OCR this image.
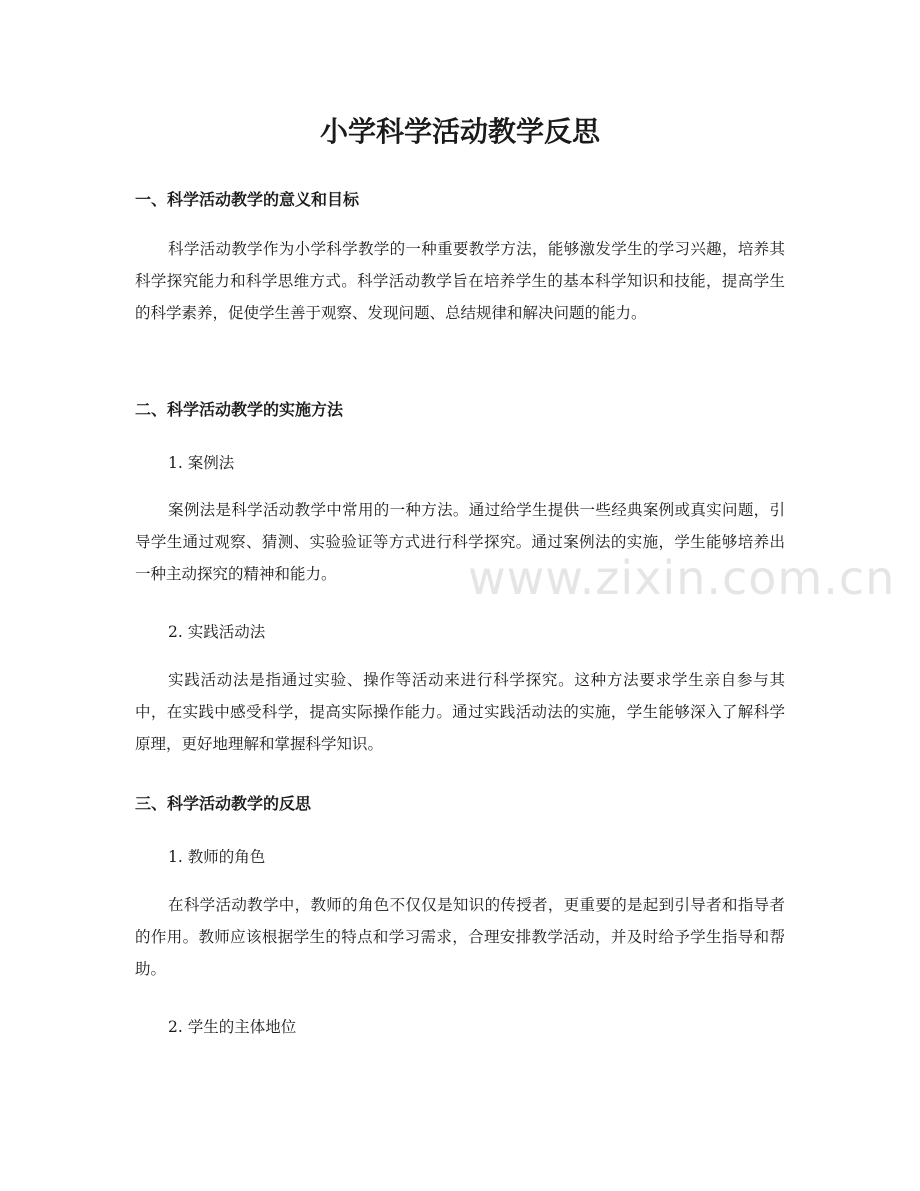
小学科学活动教学反思
一、科学活动教学的意义和目标

科学活动教学作为小学科学教学的一种重要教学方法，能够激发学生的学习兴趣，培养其科学探究能力和科学思维方式。科学活动教学旨在培养学生的基本科学知识和技能，提高学生的科学素养，促使学生善于观察、发现问题、总结规律和解决问题的能力。

二、科学活动教学的实施方法

1. 案例法

案例法是科学活动教学中常用的一种方法。通过给学生提供一些经典案例或真实问题，引导学生通过观察、猜测、实验验证等方式进行科学探究。通过案例法的实施，学生能够培养出一种主动探究的精神和能力。

2. 实践活动法

实践活动法是指通过实验、操作等活动来进行科学探究。这种方法要求学生亲自参与其中，在实践中感受科学，提高实际操作能力。通过实践活动法的实施，学生能够深入了解科学原理，更好地理解和掌握科学知识。

三、科学活动教学的反思

1. 教师的角色

在科学活动教学中，教师的角色不仅仅是知识的传授者，更重要的是起到引导者和指导者的作用。教师应该根据学生的特点和学习需求，合理安排教学活动，并及时给予学生指导和帮助。

2. 学生的主体地位

www.zixin.com.cn
